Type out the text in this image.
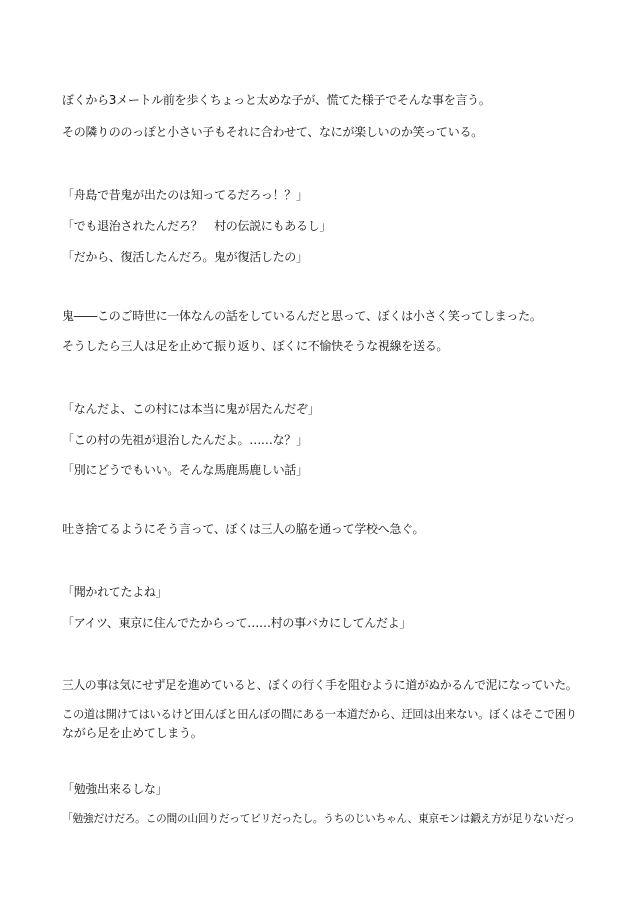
ぼくから3メートル前を歩くちょっと太めな子が、慌てた様子でそんな事を言う。

その隣りののっぽと小さい子もそれに合わせて、なにが楽しいのか笑っている。

「舟島で昔鬼が出たのは知ってるだろっ！？」

「でも退治されたんだろ？　村の伝説にもあるし」

「だから、復活したんだろ。鬼が復活したの」

鬼――このご時世に一体なんの話をしているんだと思って、ぼくは小さく笑ってしまった。

そうしたら三人は足を止めて振り返り、ぼくに不愉快そうな視線を送る。

「なんだよ、この村には本当に鬼が居たんだぞ」

「この村の先祖が退治したんだよ。……な？」

「別にどうでもいい。そんな馬鹿馬鹿しい話」

吐き捨てるようにそう言って、ぼくは三人の脇を通って学校へ急ぐ。

「聞かれてたよね」

「アイツ、東京に住んでたからって……村の事バカにしてんだよ」

三人の事は気にせず足を進めていると、ぼくの行く手を阻むように道がぬかるんで泥になっていた。

この道は開けてはいるけど田んぼと田んぼの間にある一本道だから、迂回は出来ない。ぼくはそこで困り

ながら足を止めてしまう。

「勉強出来るしな」

「勉強だけだろ。この間の山回りだってビリだったし。うちのじいちゃん、東京モンは鍛え方が足りないだっ
